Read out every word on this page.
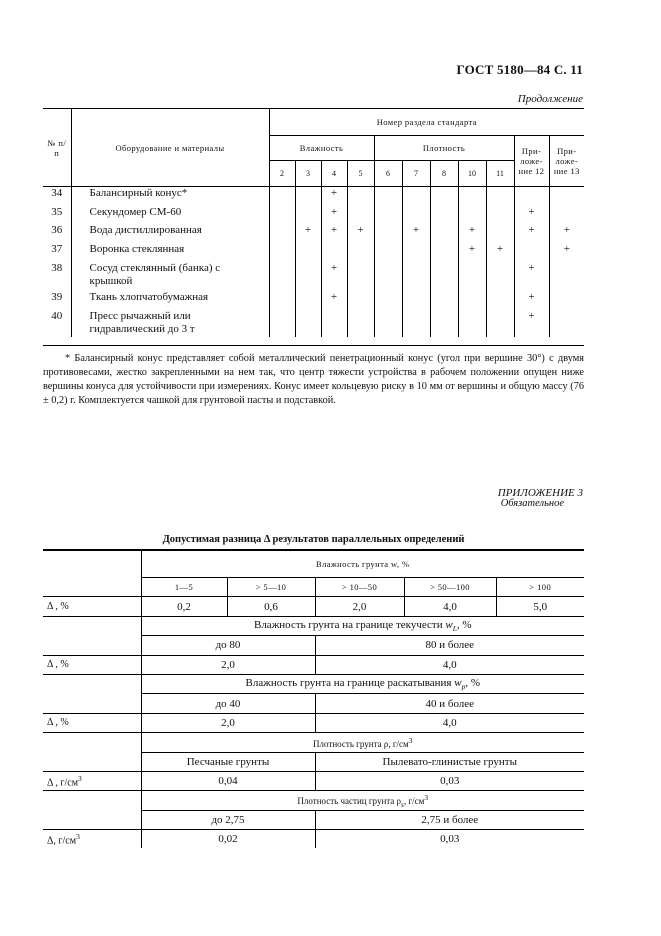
ГОСТ 5180—84 С. 11
Продолжение
№ п/п	Оборудование и материалы	Номер раздела стандарта										
		Влажность				Плотность					При- ложе- ние 12	При- ложе- ние 13
		2	3	4	5	6	7	8	10	11		
34	Балансирный конус*			+								
35	Секундомер СМ-60			+							+	
36	Вода дистиллированная		+	+	+		+		+		+	+
37	Воронка стеклянная								+	+		+
38	Сосуд стеклянный (банка) с крышкой			+							+	
39	Ткань хлопчатобумажная			+							+	
40	Пресс рычажный или гидравлический до 3 т										+	
* Балансирный конус представляет собой металлический пенетрационный конус (угол при вершине 30°) с двумя противовесами, жестко закрепленными на нем так, что центр тяжести устройства в рабочем положении опущен ниже вершины конуса для устойчивости при измерениях. Конус имеет кольцевую риску в 10 мм от вершины и общую массу (76 ± 0,2) г. Комплектуется чашкой для грунтовой пасты и подставкой.
ПРИЛОЖЕНИЕ 3
Обязательное
Допустимая разница Δ результатов параллельных определений
	Влажность грунта w, %				
	1—5	> 5—10	> 10—50	> 50—100	> 100
Δ , %	0,2	0,6	2,0	4,0	5,0
	Влажность грунта на границе текучести $w_L$, %				
	до 80		80 и более		
Δ , %	2,0		4,0		
	Влажность грунта на границе раскатывания $w_p$, %				
	до 40		40 и более		
Δ , %	2,0		4,0		
	Плотность грунта ρ, $г/см^3$
	Песчаные грунты		Пылевато-глинистые грунты		
Δ , $г/см^3$	0,04		0,03		
	Плотность частиц грунта $\rho_s$, $г/см^3$
	до 2,75		2,75 и более		
Δ, $г/см^3$	0,02		0,03		
